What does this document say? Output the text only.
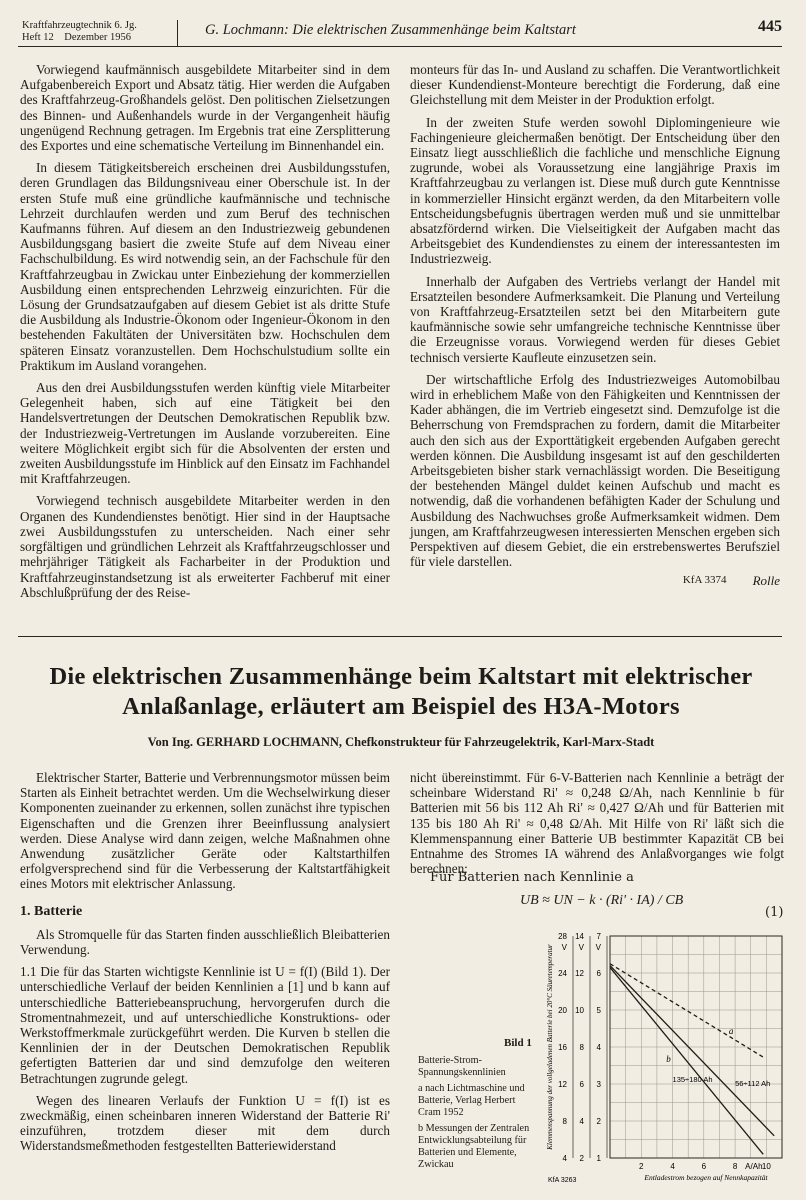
Kraftfahrzeugtechnik 6. Jg.
Heft 12    Dezember 1956	G. Lochmann: Die elektrischen Zusammenhänge beim Kaltstart	445

Vorwiegend kaufmännisch ausgebildete Mitarbeiter sind in dem Aufgabenbereich Export und Absatz tätig. Hier werden die Aufgaben des Kraftfahrzeug-Großhandels gelöst. Den politischen Zielsetzungen des Binnen- und Außenhandels wurde in der Vergangenheit häufig ungenügend Rechnung getragen. Im Ergebnis trat eine Zersplitterung des Exportes und eine schematische Verteilung im Binnenhandel ein.

In diesem Tätigkeitsbereich erscheinen drei Ausbildungsstufen, deren Grundlagen das Bildungsniveau einer Oberschule ist. In der ersten Stufe muß eine gründliche kaufmännische und technische Lehrzeit durchlaufen werden und zum Beruf des technischen Kaufmanns führen. Auf diesem an den Industriezweig gebundenen Ausbildungsgang basiert die zweite Stufe auf dem Niveau einer Fachschulbildung. Es wird notwendig sein, an der Fachschule für den Kraftfahrzeugbau in Zwickau unter Einbeziehung der kommerziellen Ausbildung einen entsprechenden Lehrzweig einzurichten. Für die Lösung der Grundsatzaufgaben auf diesem Gebiet ist als dritte Stufe die Ausbildung als Industrie-Ökonom oder Ingenieur-Ökonom in den bestehenden Fakultäten der Universitäten bzw. Hochschulen dem späteren Einsatz voranzustellen. Dem Hochschulstudium sollte ein Praktikum im Ausland vorangehen.

Aus den drei Ausbildungsstufen werden künftig viele Mitarbeiter Gelegenheit haben, sich auf eine Tätigkeit bei den Handelsvertretungen der Deutschen Demokratischen Republik bzw. der Industriezweig-Vertretungen im Auslande vorzubereiten. Eine weitere Möglichkeit ergibt sich für die Absolventen der ersten und zweiten Ausbildungsstufe im Hinblick auf den Einsatz im Fachhandel mit Kraftfahrzeugen.

Vorwiegend technisch ausgebildete Mitarbeiter werden in den Organen des Kundendienstes benötigt. Hier sind in der Hauptsache zwei Ausbildungsstufen zu unterscheiden. Nach einer sehr sorgfältigen und gründlichen Lehrzeit als Kraftfahrzeugschlosser und mehrjähriger Tätigkeit als Facharbeiter in der Produktion und Kraftfahrzeuginstandsetzung ist als erweiterter Fachberuf mit einer Abschlußprüfung der des Reise-

monteurs für das In- und Ausland zu schaffen. Die Verantwortlichkeit dieser Kundendienst-Monteure berechtigt die Forderung, daß eine Gleichstellung mit dem Meister in der Produktion erfolgt.

In der zweiten Stufe werden sowohl Diplomingenieure wie Fachingenieure gleichermaßen benötigt. Der Entscheidung über den Einsatz liegt ausschließlich die fachliche und menschliche Eignung zugrunde, wobei als Voraussetzung eine langjährige Praxis im Kraftfahrzeugbau zu verlangen ist. Diese muß durch gute Kenntnisse in kommerzieller Hinsicht ergänzt werden, da den Mitarbeitern volle Entscheidungsbefugnis übertragen werden muß und sie unmittelbar absatzfördernd wirken. Die Vielseitigkeit der Aufgaben macht das Arbeitsgebiet des Kundendienstes zu einem der interessantesten im Industriezweig.

Innerhalb der Aufgaben des Vertriebs verlangt der Handel mit Ersatzteilen besondere Aufmerksamkeit. Die Planung und Verteilung von Kraftfahrzeug-Ersatzteilen setzt bei den Mitarbeitern gute kaufmännische sowie sehr umfangreiche technische Kenntnisse über die Erzeugnisse voraus. Vorwiegend werden für dieses Gebiet technisch versierte Kaufleute einzusetzen sein.

Der wirtschaftliche Erfolg des Industriezweiges Automobilbau wird in erheblichem Maße von den Fähigkeiten und Kenntnissen der Kader abhängen, die im Vertrieb eingesetzt sind. Demzufolge ist die Beherrschung von Fremdsprachen zu fordern, damit die Mitarbeiter auch den sich aus der Exporttätigkeit ergebenden Aufgaben gerecht werden können. Die Ausbildung insgesamt ist auf den geschilderten Arbeitsgebieten bisher stark vernachlässigt worden. Die Beseitigung der bestehenden Mängel duldet keinen Aufschub und macht es notwendig, daß die vorhandenen befähigten Kader der Schulung und Ausbildung des Nachwuchses große Aufmerksamkeit widmen. Dem jungen, am Kraftfahrzeugwesen interessierten Menschen ergeben sich Perspektiven auf diesem Gebiet, die ein erstrebenswertes Berufsziel für viele darstellen.

KfA 3374 Rolle
Die elektrischen Zusammenhänge beim Kaltstart mit elektrischer
Anlaßanlage, erläutert am Beispiel des H3A-Motors
Von Ing. GERHARD LOCHMANN, Chefkonstrukteur für Fahrzeugelektrik, Karl-Marx-Stadt

Elektrischer Starter, Batterie und Verbrennungsmotor müssen beim Starten als Einheit betrachtet werden. Um die Wechselwirkung dieser Komponenten zueinander zu erkennen, sollen zunächst ihre typischen Eigenschaften und die Grenzen ihrer Beeinflussung analysiert werden. Diese Analyse wird dann zeigen, welche Maßnahmen ohne Anwendung zusätzlicher Geräte oder Kaltstarthilfen erfolgversprechend sind für die Verbesserung der Kaltstartfähigkeit eines Motors mit elektrischer Anlassung.

1. Batterie

Als Stromquelle für das Starten finden ausschließlich Bleibatterien Verwendung.

1.1 Die für das Starten wichtigste Kennlinie ist U = f(I) (Bild 1). Der unterschiedliche Verlauf der beiden Kennlinien a [1] und b kann auf unterschiedliche Batteriebeanspruchung, hervorgerufen durch die Stromentnahmezeit, und auf unterschiedliche Konstruktions- oder Werkstoffmerkmale zurückgeführt werden. Die Kurven b stellen die Kennlinien der in der Deutschen Demokratischen Republik gefertigten Batterien dar und sind demzufolge den weiteren Betrachtungen zugrunde gelegt.

Wegen des linearen Verlaufs der Funktion U = f(I) ist es zweckmäßig, einen scheinbaren inneren Widerstand der Batterie Ri' einzuführen, trotzdem dieser mit dem durch Widerstandsmeßmethoden festgestellten Batteriewiderstand

nicht übereinstimmt. Für 6-V-Batterien nach Kennlinie a beträgt der scheinbare Widerstand Ri' ≈ 0,248 Ω/Ah, nach Kennlinie b für Batterien mit 56 bis 112 Ah Ri' ≈ 0,427 Ω/Ah und für Batterien mit 135 bis 180 Ah Ri' ≈ 0,48 Ω/Ah. Mit Hilfe von Ri' läßt sich die Klemmenspannung einer Batterie UB bestimmter Kapazität CB bei Entnahme des Stromes IA während des Anlaßvorganges wie folgt berechnen:

Für Batterien nach Kennlinie a
UB ≈ UN − k · (Ri' · IA) / CB
(1)
Bild 1
Batterie-Strom-Spannungskennlinien
a nach Lichtmaschine und Batterie, Verlag Herbert Cram 1952
b Messungen der Zentralen Entwicklungsabteilung für Batterien und Elemente, Zwickau
4
8
12
16
20
24
28
V
2
4
6
8
10
12
14
V
1
2
3
4
5
6
7
V
Klemmenspannung der vollgeladenen Batterie bei 20°C Säuretemperatur
2	4	6	8 A/Ah 10
Entladestrom bezogen auf Nennkapazität
KfA 3263
a
b
135÷180 Ah	56÷112 Ah
